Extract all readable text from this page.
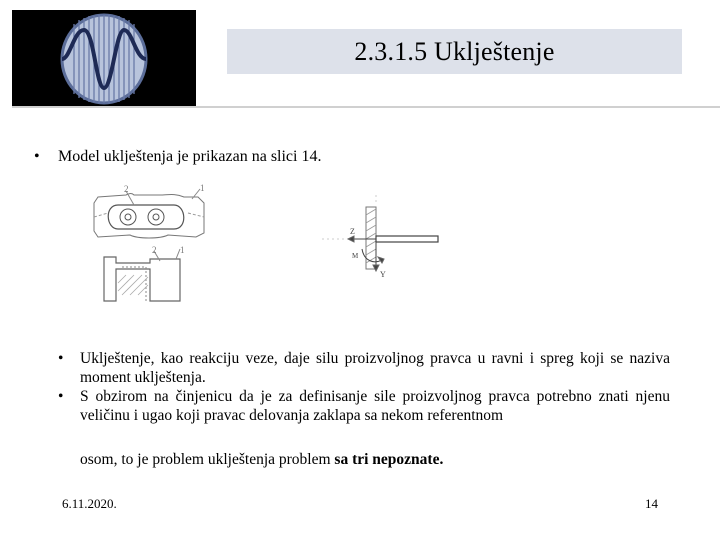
2.3.1.5 Uklještenje
• Model uklještenja je prikazan na slici 14.
2	1
2	1
Z
M
Y
• Uklještenje, kao reakciju veze, daje silu proizvoljnog pravca u ravni i spreg koji se naziva moment uklještenja.
• S obzirom na činjenicu da je za definisanje sile proizvoljnog pravca potrebno znati njenu veličinu i ugao koji pravac delovanja zaklapa sa nekom referentnom
osom, to je problem uklještenja problem sa tri nepoznate.
6.11.2020.	14
